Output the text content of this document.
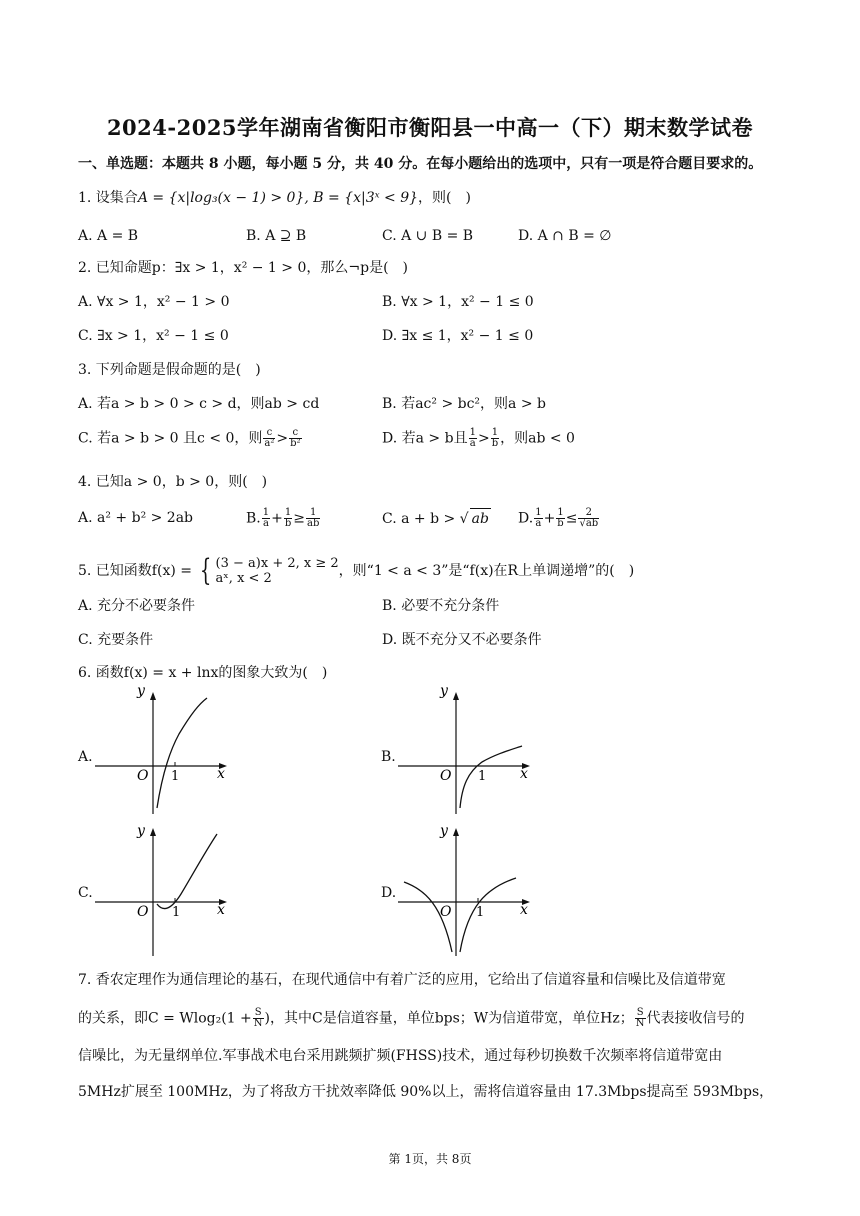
2024-2025学年湖南省衡阳市衡阳县一中高一（下）期末数学试卷
一、单选题：本题共 8 小题，每小题 5 分，共 40 分。在每小题给出的选项中，只有一项是符合题目要求的。
1. 设集合A = {x|log₃(x − 1) > 0}, B = {x|3ˣ < 9}，则(　)
A. A = B	B. A ⊇ B	C. A ∪ B = B	D. A ∩ B = ∅
2. 已知命题p：∃x > 1，x² − 1 > 0，那么¬p是(　)
A. ∀x > 1，x² − 1 > 0	B. ∀x > 1，x² − 1 ≤ 0
C. ∃x > 1，x² − 1 ≤ 0	D. ∃x ≤ 1，x² − 1 ≤ 0
3. 下列命题是假命题的是(　)
A. 若a > b > 0 > c > d，则ab > cd	B. 若ac² > bc²，则a > b
C. 若a > b > 0 且c < 0，则 $\frac{c}{\text{a²}} > \frac{c}{\text{b²}}$	D. 若a > b且 $\frac{1}{a} > \frac{1}{b}$ ，则ab < 0
4. 已知a > 0，b > 0，则(　)
A. a² + b² > 2ab	B. $\frac{1}{a} + \frac{1}{b} \ge \frac{1}{ab}$	C. a + b > √ ab D. $\frac{1}{a} + \frac{1}{b} \le \frac{2}{√ab}$
5. 已知函数f(x) = { (3 − a)x + 2, x ≥ 2
aˣ, x < 2	，则“1 < a < 3”是“f(x)在R上单调递增”的(　)
A. 充分不必要条件	B. 必要不充分条件
C. 充要条件	D. 既不充分又不必要条件
6. 函数f(x) = x + lnx的图象大致为(　)
A.	B.
C.	D.
y
x
O 1
y
x
O 1
y
x
O 1
y
x
O 1
7. 香农定理作为通信理论的基石，在现代通信中有着广泛的应用，它给出了信道容量和信噪比及信道带宽
的关系，即$C = Wlog_2(1 + \frac{S}{N}$ )，其中C是信道容量，单位bps；W为信道带宽，单位Hz； $\frac{S}{N}$ 代表接收信号的
信噪比，为无量纲单位.军事战术电台采用跳频扩频(FHSS)技术，通过每秒切换数千次频率将信道带宽由
5MHz扩展至 100MHz，为了将敌方干扰效率降低 90%以上，需将信道容量由 17.3Mbps提高至 593Mbps，
第 1页，共 8页
